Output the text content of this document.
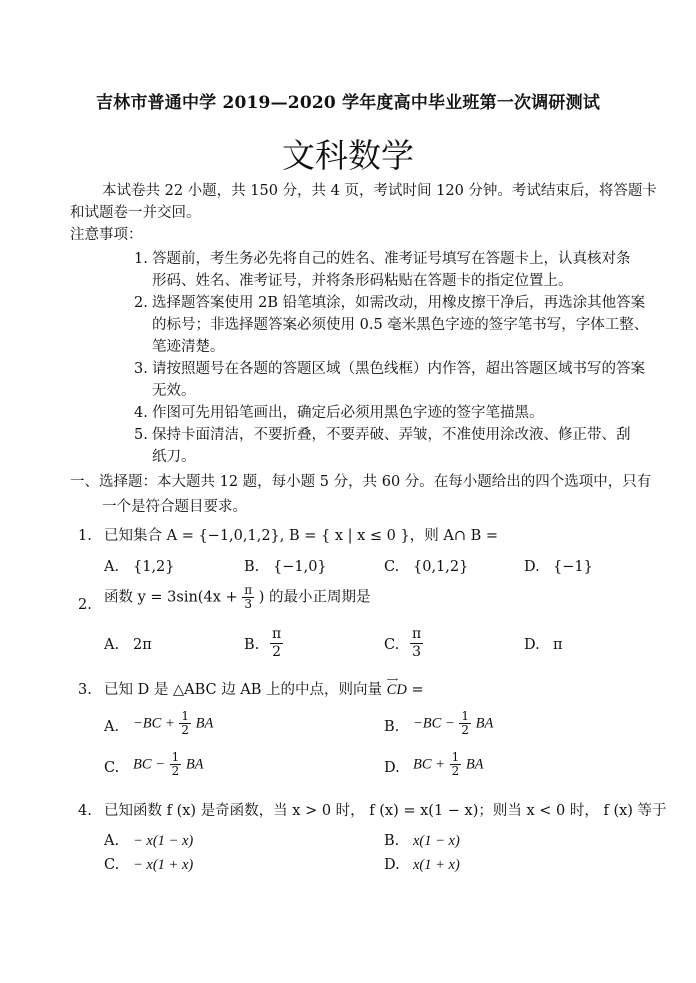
吉林市普通中学 2019—2020 学年度高中毕业班第一次调研测试
文科数学
本试卷共 22 小题，共 150 分，共 4 页，考试时间 120 分钟。考试结束后，将答题卡
和试题卷一并交回。
注意事项：
1. 答题前，考生务必先将自己的姓名、准考证号填写在答题卡上，认真核对条
形码、姓名、准考证号，并将条形码粘贴在答题卡的指定位置上。
2. 选择题答案使用 2B 铅笔填涂，如需改动，用橡皮擦干净后，再选涂其他答案
的标号；非选择题答案必须使用 0.5 毫米黑色字迹的签字笔书写，字体工整、
笔迹清楚。
3. 请按照题号在各题的答题区域（黑色线框）内作答，超出答题区域书写的答案
无效。
4. 作图可先用铅笔画出，确定后必须用黑色字迹的签字笔描黑。
5. 保持卡面清洁，不要折叠，不要弄破、弄皱，不准使用涂改液、修正带、刮
纸刀。
一、选择题：本大题共 12 题，每小题 5 分，共 60 分。在每小题给出的四个选项中，只有
一个是符合题目要求。
1. 已知集合 A = {−1,0,1,2}, B = { x | x ≤ 0 }，则 A∩ B =
A. {1,2}	B. {−1,0}	C. {0,1,2}	D. {−1}
2. 函数 $y = 3\sin(4x + \frac{\pi}{3}$ ) 的最小正周期是
A. 2π	B. $\frac{\pi}{2}$	C. $\frac{\pi}{3}$	D. π
3. 已知 D 是 △ABC 边 AB 上的中点，则向量
⟶
CD =
A. $-BC + \frac{1}{2}$ BA	B. $-BC - \frac{1}{2}$ BA
C. BC − $\frac{1}{2}$ BA	D. BC + $\frac{1}{2}$ BA
4. 已知函数 f (x) 是奇函数，当 x > 0 时， f (x) = x(1 − x)；则当 x < 0 时， f (x) 等于
A. − x(1 − x)	B. x(1 − x)
C. − x(1 + x)	D. x(1 + x)
